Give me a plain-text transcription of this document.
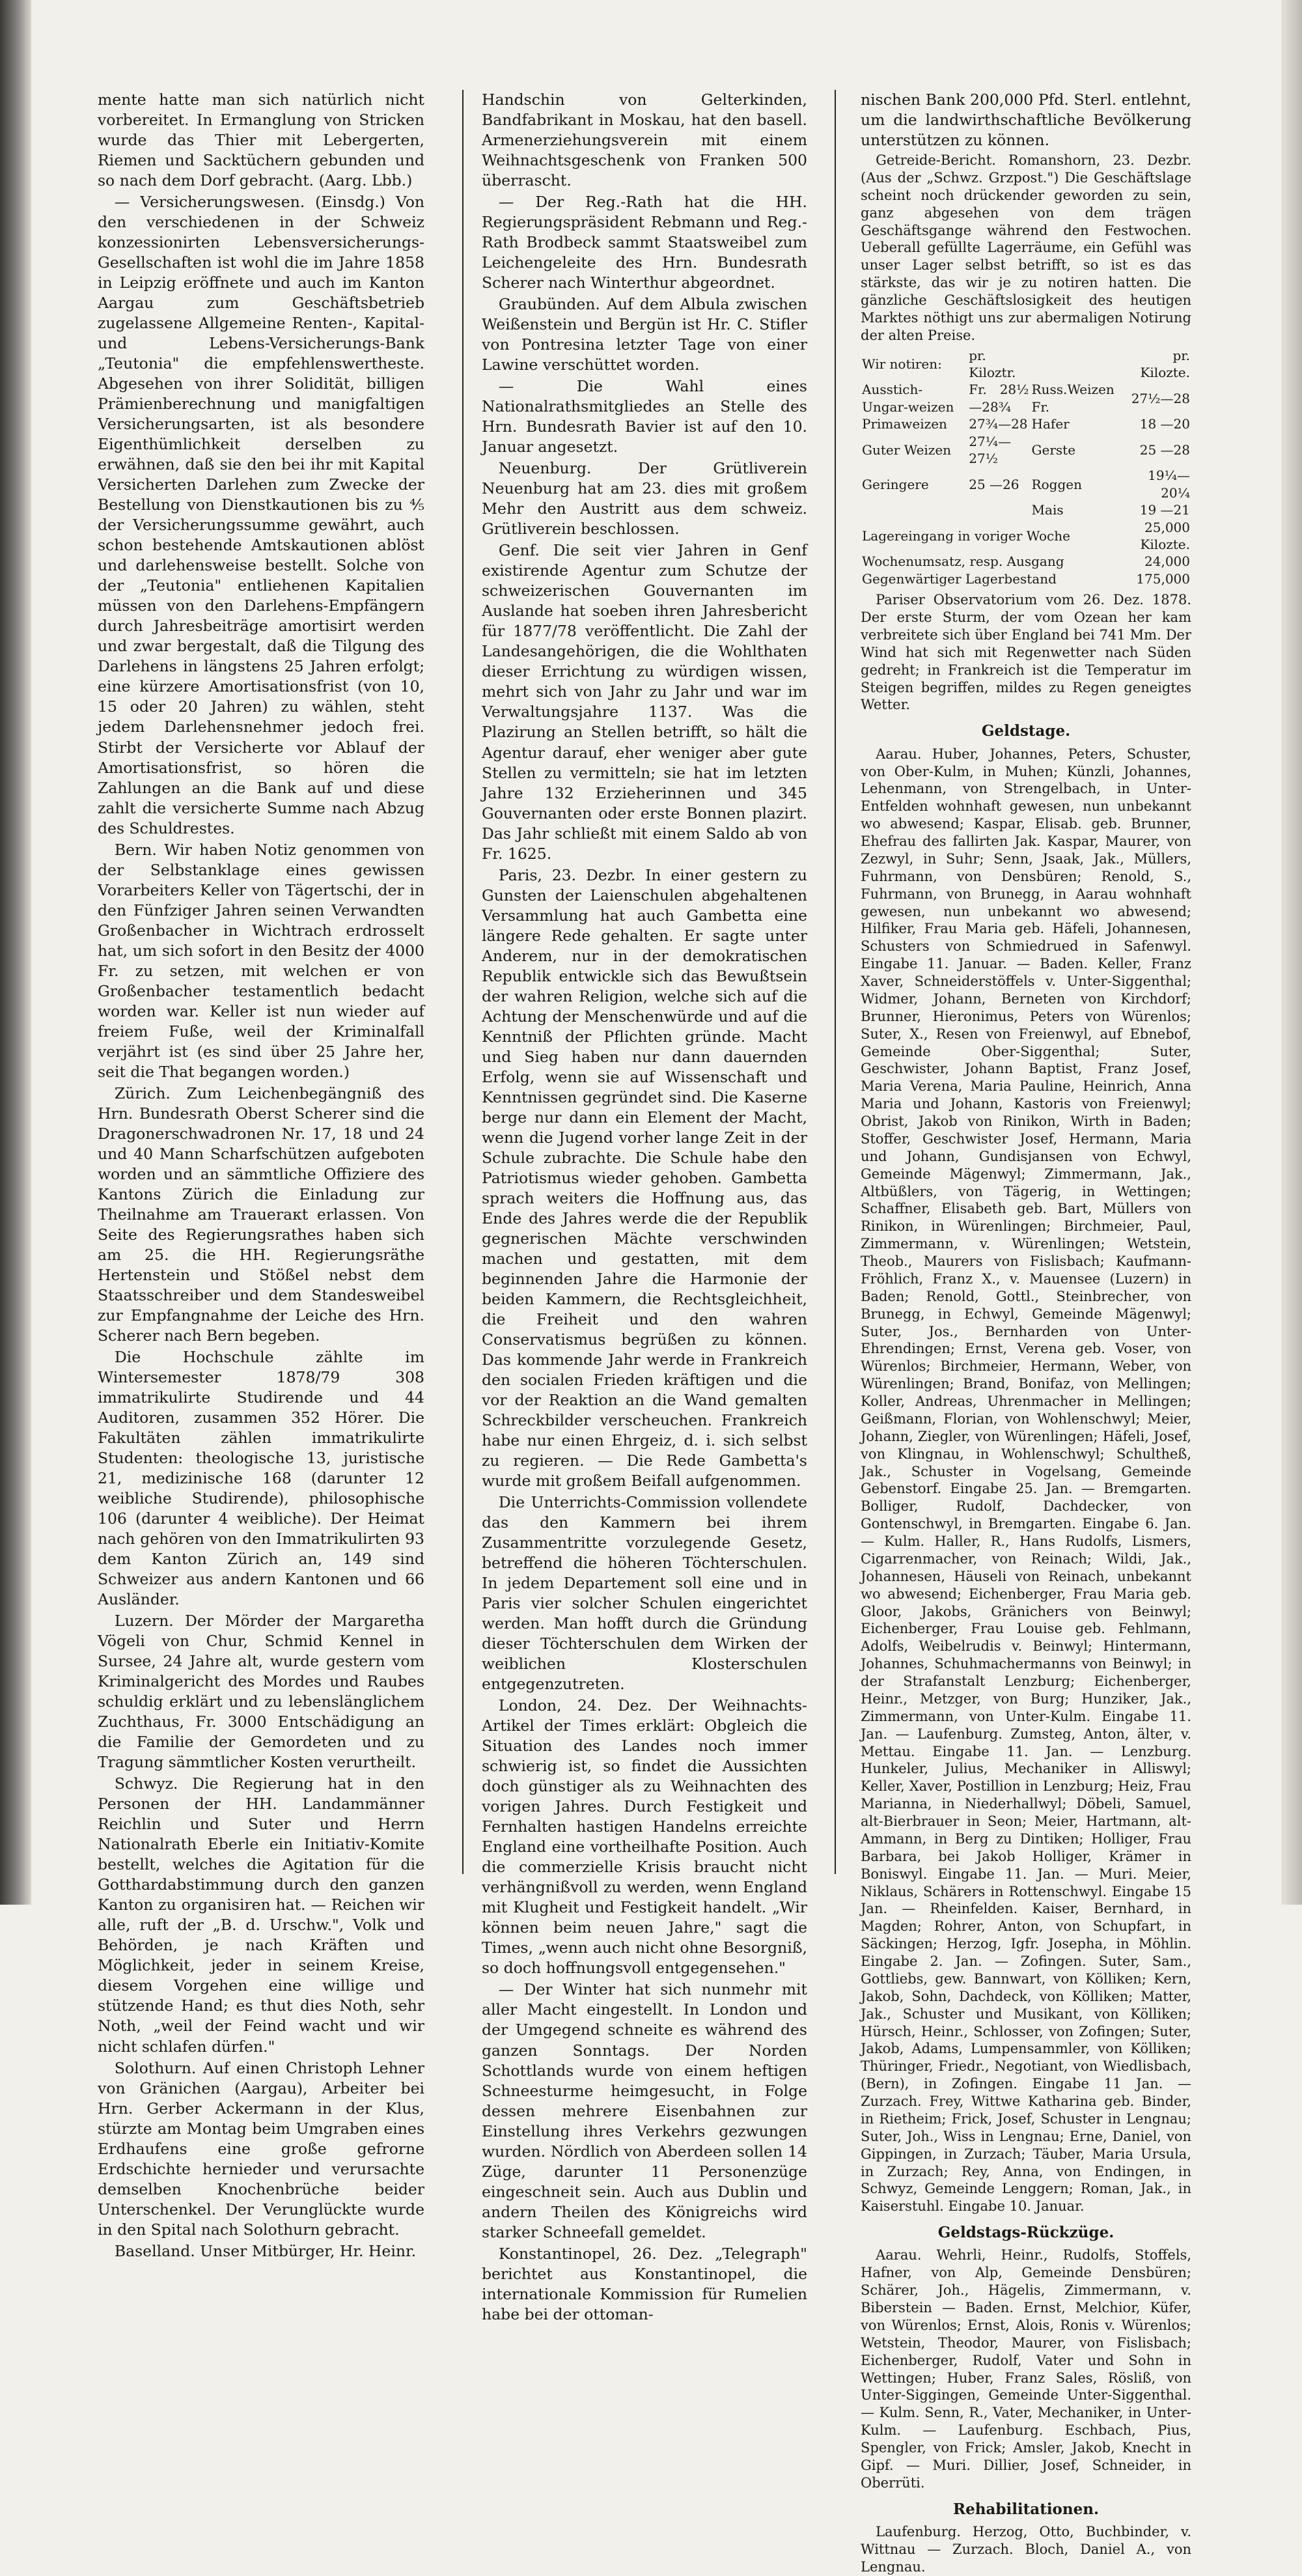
mente hatte man sich natürlich nicht vorbereitet. In Ermanglung von Stricken wurde das Thier mit Lebergerten, Riemen und Sacktüchern gebunden und so nach dem Dorf gebracht. (Aarg. Lbb.)

— Versicherungswesen. (Einsdg.) Von den verschiedenen in der Schweiz konzessionirten Lebensversicherungs-Gesellschaften ist wohl die im Jahre 1858 in Leipzig eröffnete und auch im Kanton Aargau zum Geschäftsbetrieb zugelassene Allgemeine Renten-, Kapital- und Lebens-Versicherungs-Bank „Teutonia" die empfehlenswertheste. Abgesehen von ihrer Solidität, billigen Prämienberechnung und manigfaltigen Versicherungsarten, ist als besondere Eigenthümlichkeit derselben zu erwähnen, daß sie den bei ihr mit Kapital Versicherten Darlehen zum Zwecke der Bestellung von Dienstkautionen bis zu ⅘ der Versicherungssumme gewährt, auch schon bestehende Amtskautionen ablöst und darlehensweise bestellt. Solche von der „Teutonia" entliehenen Kapitalien müssen von den Darlehens-Empfängern durch Jahresbeiträge amortisirt werden und zwar bergestalt, daß die Tilgung des Darlehens in längstens 25 Jahren erfolgt; eine kürzere Amortisationsfrist (von 10, 15 oder 20 Jahren) zu wählen, steht jedem Darlehensnehmer jedoch frei. Stirbt der Versicherte vor Ablauf der Amortisationsfrist, so hören die Zahlungen an die Bank auf und diese zahlt die versicherte Summe nach Abzug des Schuldrestes.

Bern. Wir haben Notiz genommen von der Selbstanklage eines gewissen Vorarbeiters Keller von Tägertschi, der in den Fünfziger Jahren seinen Verwandten Großenbacher in Wichtrach erdrosselt hat, um sich sofort in den Besitz der 4000 Fr. zu setzen, mit welchen er von Großenbacher testamentlich bedacht worden war. Keller ist nun wieder auf freiem Fuße, weil der Kriminalfall verjährt ist (es sind über 25 Jahre her, seit die That begangen worden.)

Zürich. Zum Leichenbegängniß des Hrn. Bundesrath Oberst Scherer sind die Dragonerschwadronen Nr. 17, 18 und 24 und 40 Mann Scharfschützen aufgeboten worden und an sämmtliche Offiziere des Kantons Zürich die Einladung zur Theilnahme am Traueraкt erlassen. Von Seite des Regierungsrathes haben sich am 25. die HH. Regierungsräthe Hertenstein und Stößel nebst dem Staatsschreiber und dem Standesweibel zur Empfangnahme der Leiche des Hrn. Scherer nach Bern begeben.

Die Hochschule zählte im Wintersemester 1878/79 308 immatrikulirte Studirende und 44 Auditoren, zusammen 352 Hörer. Die Fakultäten zählen immatrikulirte Studenten: theologische 13, juristische 21, medizinische 168 (darunter 12 weibliche Studirende), philosophische 106 (darunter 4 weibliche). Der Heimat nach gehören von den Immatrikulirten 93 dem Kanton Zürich an, 149 sind Schweizer aus andern Kantonen und 66 Ausländer.

Luzern. Der Mörder der Margaretha Vögeli von Chur, Schmid Kennel in Sursee, 24 Jahre alt, wurde gestern vom Kriminalgericht des Mordes und Raubes schuldig erklärt und zu lebenslänglichem Zuchthaus, Fr. 3000 Entschädigung an die Familie der Gemordeten und zu Tragung sämmtlicher Kosten verurtheilt.

Schwyz. Die Regierung hat in den Personen der HH. Landammänner Reichlin und Suter und Herrn Nationalrath Eberle ein Initiativ-Komite bestellt, welches die Agitation für die Gotthardabstimmung durch den ganzen Kanton zu organisiren hat. — Reichen wir alle, ruft der „B. d. Urschw.", Volk und Behörden, je nach Kräften und Möglichkeit, jeder in seinem Kreise, diesem Vorgehen eine willige und stützende Hand; es thut dies Noth, sehr Noth, „weil der Feind wacht und wir nicht schlafen dürfen."

Solothurn. Auf einen Christoph Lehner von Gränichen (Aargau), Arbeiter bei Hrn. Gerber Ackermann in der Klus, stürzte am Montag beim Umgraben eines Erdhaufens eine große gefrorne Erdschichte hernieder und verursachte demselben Knochenbrüche beider Unterschenkel. Der Verunglückte wurde in den Spital nach Solothurn gebracht.

Baselland. Unser Mitbürger, Hr. Heinr.

Handschin von Gelterkinden, Bandfabrikant in Moskau, hat den basell. Armenerziehungsverein mit einem Weihnachtsgeschenk von Franken 500 überrascht.

— Der Reg.-Rath hat die HH. Regierungspräsident Rebmann und Reg.-Rath Brodbeck sammt Staatsweibel zum Leichengeleite des Hrn. Bundesrath Scherer nach Winterthur abgeordnet.

Graubünden. Auf dem Albula zwischen Weißenstein und Bergün ist Hr. C. Stifler von Pontresina letzter Tage von einer Lawine verschüttet worden.

— Die Wahl eines Nationalrathsmitgliedes an Stelle des Hrn. Bundesrath Bavier ist auf den 10. Januar angesetzt.

Neuenburg. Der Grütliverein Neuenburg hat am 23. dies mit großem Mehr den Austritt aus dem schweiz. Grütliverein beschlossen.

Genf. Die seit vier Jahren in Genf existirende Agentur zum Schutze der schweizerischen Gouvernanten im Auslande hat soeben ihren Jahresbericht für 1877/78 veröffentlicht. Die Zahl der Landesangehörigen, die die Wohlthaten dieser Errichtung zu würdigen wissen, mehrt sich von Jahr zu Jahr und war im Verwaltungsjahre 1137. Was die Plazirung an Stellen betrifft, so hält die Agentur darauf, eher weniger aber gute Stellen zu vermitteln; sie hat im letzten Jahre 132 Erzieherinnen und 345 Gouvernanten oder erste Bonnen plazirt. Das Jahr schließt mit einem Saldo ab von Fr. 1625.

Paris, 23. Dezbr. In einer gestern zu Gunsten der Laienschulen abgehaltenen Versammlung hat auch Gambetta eine längere Rede gehalten. Er sagte unter Anderem, nur in der demokratischen Republik entwickle sich das Bewußtsein der wahren Religion, welche sich auf die Achtung der Menschenwürde und auf die Kenntniß der Pflichten gründe. Macht und Sieg haben nur dann dauernden Erfolg, wenn sie auf Wissenschaft und Kenntnissen gegründet sind. Die Kaserne berge nur dann ein Element der Macht, wenn die Jugend vorher lange Zeit in der Schule zubrachte. Die Schule habe den Patriotismus wieder gehoben. Gambetta sprach weiters die Hoffnung aus, das Ende des Jahres werde die der Republik gegnerischen Mächte verschwinden machen und gestatten, mit dem beginnenden Jahre die Harmonie der beiden Kammern, die Rechtsgleichheit, die Freiheit und den wahren Conservatismus begrüßen zu können. Das kommende Jahr werde in Frankreich den socialen Frieden kräftigen und die vor der Reaktion an die Wand gemalten Schreckbilder verscheuchen. Frankreich habe nur einen Ehrgeiz, d. i. sich selbst zu regieren. — Die Rede Gambetta's wurde mit großem Beifall aufgenommen.

Die Unterrichts-Commission vollendete das den Kammern bei ihrem Zusammentritte vorzulegende Gesetz, betreffend die höheren Töchterschulen. In jedem Departement soll eine und in Paris vier solcher Schulen eingerichtet werden. Man hofft durch die Gründung dieser Töchterschulen dem Wirken der weiblichen Klosterschulen entgegenzutreten.

London, 24. Dez. Der Weihnachts-Artikel der Times erklärt: Obgleich die Situation des Landes noch immer schwierig ist, so findet die Aussichten doch günstiger als zu Weihnachten des vorigen Jahres. Durch Festigkeit und Fernhalten hastigen Handelns erreichte England eine vortheilhafte Position. Auch die commerzielle Krisis braucht nicht verhängnißvoll zu werden, wenn England mit Klugheit und Festigkeit handelt. „Wir können beim neuen Jahre," sagt die Times, „wenn auch nicht ohne Besorgniß, so doch hoffnungsvoll entgegensehen."

— Der Winter hat sich nunmehr mit aller Macht eingestellt. In London und der Umgegend schneite es während des ganzen Sonntags. Der Norden Schottlands wurde von einem heftigen Schneesturme heimgesucht, in Folge dessen mehrere Eisenbahnen zur Einstellung ihres Verkehrs gezwungen wurden. Nördlich von Aberdeen sollen 14 Züge, darunter 11 Personenzüge eingeschneit sein. Auch aus Dublin und andern Theilen des Königreichs wird starker Schneefall gemeldet.

Konstantinopel, 26. Dez. „Telegraph" berichtet aus Konstantinopel, die internationale Kommission für Rumelien habe bei der ottoman-

nischen Bank 200,000 Pfd. Sterl. entlehnt, um die landwirthschaftliche Bevölkerung unterstützen zu können.

Getreide-Bericht. Romanshorn, 23. Dezbr. (Aus der „Schwz. Grzpost.") Die Geschäftslage scheint noch drückender geworden zu sein, ganz abgesehen von dem trägen Geschäftsgange während den Festwochen. Ueberall gefüllte Lagerräume, ein Gefühl was unser Lager selbst betrifft, so ist es das stärkste, das wir je zu notiren hatten. Die gänzliche Geschäftslosigkeit des heutigen Marktes nöthigt uns zur abermaligen Notirung der alten Preise.

Wir notiren:	pr. Kiloztr.		pr. Kilozte.
Ausstich-Ungar-weizen	Fr. 28½—28¾	Russ.Weizen Fr.	27½—28
Primaweizen	27¾—28	Hafer	18 —20
Guter Weizen	27¼—27½	Gerste	25 —28
Geringere	25 —26	Roggen	19¼—20¼
		Mais	19 —21
Lagereingang in voriger Woche			25,000 Kilozte.
Wochenumsatz, resp. Ausgang			24,000
Gegenwärtiger Lagerbestand			175,000

Pariser Observatorium vom 26. Dez. 1878. Der erste Sturm, der vom Ozean her kam verbreitete sich über England bei 741 Mm. Der Wind hat sich mit Regenwetter nach Süden gedreht; in Frankreich ist die Temperatur im Steigen begriffen, mildes zu Regen geneigtes Wetter.

Geldstage.

Aarau. Huber, Johannes, Peters, Schuster, von Ober-Kulm, in Muhen; Künzli, Johannes, Lehenmann, von Strengelbach, in Unter-Entfelden wohnhaft gewesen, nun unbekannt wo abwesend; Kaspar, Elisab. geb. Brunner, Ehefrau des fallirten Jak. Kaspar, Maurer, von Zezwyl, in Suhr; Senn, Jsaak, Jak., Müllers, Fuhrmann, von Densbüren; Renold, S., Fuhrmann, von Brunegg, in Aarau wohnhaft gewesen, nun unbekannt wo abwesend; Hilfiker, Frau Maria geb. Häfeli, Johannesen, Schusters von Schmiedrued in Safenwyl. Eingabe 11. Januar. — Baden. Keller, Franz Xaver, Schneiderstöffels v. Unter-Siggenthal; Widmer, Johann, Berneten von Kirchdorf; Brunner, Hieronimus, Peters von Würenlos; Suter, X., Resen von Freienwyl, auf Ebnebof, Gemeinde Ober-Siggenthal; Suter, Geschwister, Johann Baptist, Franz Josef, Maria Verena, Maria Pauline, Heinrich, Anna Maria und Johann, Kastoris von Freienwyl; Obrist, Jakob von Rinikon, Wirth in Baden; Stoffer, Geschwister Josef, Hermann, Maria und Johann, Gundisjansen von Echwyl, Gemeinde Mägenwyl; Zimmermann, Jak., Altbüßlers, von Tägerig, in Wettingen; Schaffner, Elisabeth geb. Bart, Müllers von Rinikon, in Würenlingen; Birchmeier, Paul, Zimmermann, v. Würenlingen; Wetstein, Theob., Maurers von Fislisbach; Kaufmann-Fröhlich, Franz X., v. Mauensee (Luzern) in Baden; Renold, Gottl., Steinbrecher, von Brunegg, in Echwyl, Gemeinde Mägenwyl; Suter, Jos., Bernharden von Unter-Ehrendingen; Ernst, Verena geb. Voser, von Würenlos; Birchmeier, Hermann, Weber, von Würenlingen; Brand, Bonifaz, von Mellingen; Koller, Andreas, Uhrenmacher in Mellingen; Geißmann, Florian, von Wohlenschwyl; Meier, Johann, Ziegler, von Würenlingen; Häfeli, Josef, von Klingnau, in Wohlenschwyl; Schultheß, Jak., Schuster in Vogelsang, Gemeinde Gebenstorf. Eingabe 25. Jan. — Bremgarten. Bolliger, Rudolf, Dachdecker, von Gontenschwyl, in Bremgarten. Eingabe 6. Jan. — Kulm. Haller, R., Hans Rudolfs, Lismers, Cigarrenmacher, von Reinach; Wildi, Jak., Johannesen, Häuseli von Reinach, unbekannt wo abwesend; Eichenberger, Frau Maria geb. Gloor, Jakobs, Gränichers von Beinwyl; Eichenberger, Frau Louise geb. Fehlmann, Adolfs, Weibelrudis v. Beinwyl; Hintermann, Johannes, Schuhmachermanns von Beinwyl; in der Strafanstalt Lenzburg; Eichenberger, Heinr., Metzger, von Burg; Hunziker, Jak., Zimmermann, von Unter-Kulm. Eingabe 11. Jan. — Laufenburg. Zumsteg, Anton, älter, v. Mettau. Eingabe 11. Jan. — Lenzburg. Hunkeler, Julius, Mechaniker in Alliswyl; Keller, Xaver, Postillion in Lenzburg; Heiz, Frau Marianna, in Niederhallwyl; Döbeli, Samuel, alt-Bierbrauer in Seon; Meier, Hartmann, alt-Ammann, in Berg zu Dintiken; Holliger, Frau Barbara, bei Jakob Holliger, Krämer in Boniswyl. Eingabe 11. Jan. — Muri. Meier, Niklaus, Schärers in Rottenschwyl. Eingabe 15 Jan. — Rheinfelden. Kaiser, Bernhard, in Magden; Rohrer, Anton, von Schupfart, in Säckingen; Herzog, Igfr. Josepha, in Möhlin. Eingabe 2. Jan. — Zofingen. Suter, Sam., Gottliebs, gew. Bannwart, von Kölliken; Kern, Jakob, Sohn, Dachdeck, von Kölliken; Matter, Jak., Schuster und Musikant, von Kölliken; Hürsch, Heinr., Schlosser, von Zofingen; Suter, Jakob, Adams, Lumpensammler, von Kölliken; Thüringer, Friedr., Negotiant, von Wiedlisbach, (Bern), in Zofingen. Eingabe 11 Jan. — Zurzach. Frey, Wittwe Katharina geb. Binder, in Rietheim; Frick, Josef, Schuster in Lengnau; Suter, Joh., Wiss in Lengnau; Erne, Daniel, von Gippingen, in Zurzach; Täuber, Maria Ursula, in Zurzach; Rey, Anna, von Endingen, in Schwyz, Gemeinde Lenggern; Roman, Jak., in Kaiserstuhl. Eingabe 10. Januar.

Geldstags-Rückzüge.

Aarau. Wehrli, Heinr., Rudolfs, Stoffels, Hafner, von Alp, Gemeinde Densbüren; Schärer, Joh., Hägelis, Zimmermann, v. Biberstein — Baden. Ernst, Melchior, Küfer, von Würenlos; Ernst, Alois, Ronis v. Würenlos; Wetstein, Theodor, Maurer, von Fislisbach; Eichenberger, Rudolf, Vater und Sohn in Wettingen; Huber, Franz Sales, Rösliß, von Unter-Siggingen, Gemeinde Unter-Siggenthal. — Kulm. Senn, R., Vater, Mechaniker, in Unter-Kulm. — Laufenburg. Eschbach, Pius, Spengler, von Frick; Amsler, Jakob, Knecht in Gipf. — Muri. Dillier, Josef, Schneider, in Oberrüti.

Rehabilitationen.

Laufenburg. Herzog, Otto, Buchbinder, v. Wittnau — Zurzach. Bloch, Daniel A., von Lengnau.
